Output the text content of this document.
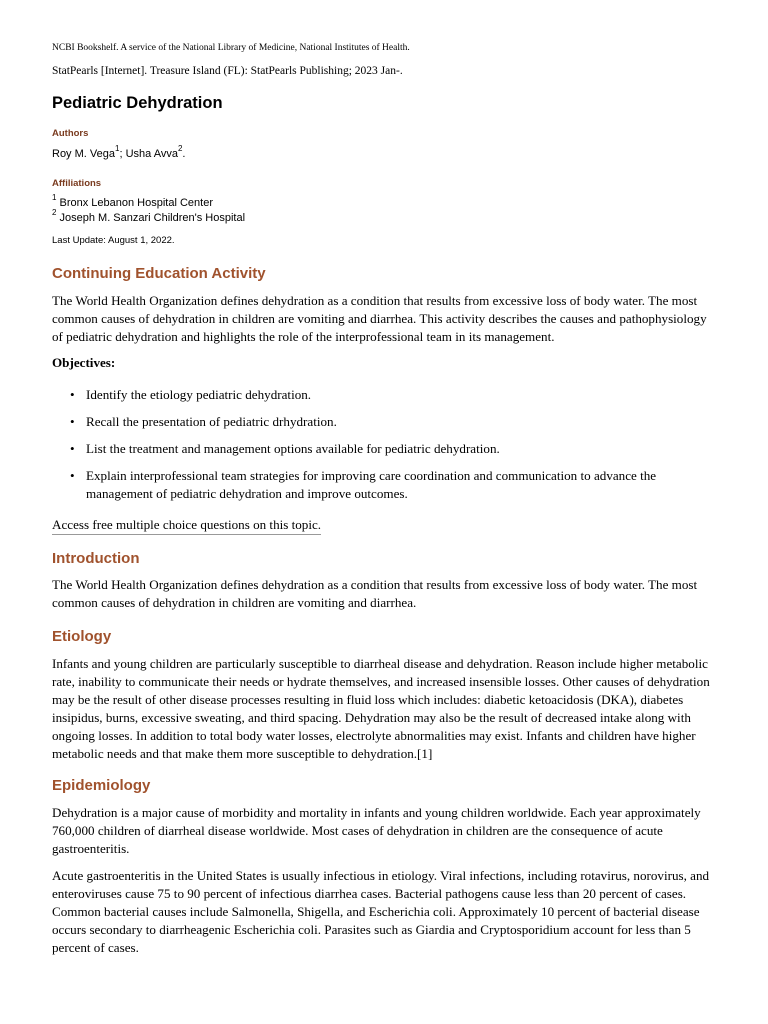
NCBI Bookshelf. A service of the National Library of Medicine, National Institutes of Health.
StatPearls [Internet]. Treasure Island (FL): StatPearls Publishing; 2023 Jan-.
Pediatric Dehydration
Authors
Roy M. Vega$^1$; Usha Avva$^2$.
Affiliations
$^1$ Bronx Lebanon Hospital Center
$^2$ Joseph M. Sanzari Children's Hospital
Last Update: August 1, 2022.
Continuing Education Activity

The World Health Organization defines dehydration as a condition that results from excessive loss of body water. The most common causes of dehydration in children are vomiting and diarrhea. This activity describes the causes and pathophysiology of pediatric dehydration and highlights the role of the interprofessional team in its management.

Objectives:
• Identify the etiology pediatric dehydration.
• Recall the presentation of pediatric drhydration.
• List the treatment and management options available for pediatric dehydration.
• Explain interprofessional team strategies for improving care coordination and communication to advance the management of pediatric dehydration and improve outcomes.
Access free multiple choice questions on this topic.
Introduction

The World Health Organization defines dehydration as a condition that results from excessive loss of body water. The most common causes of dehydration in children are vomiting and diarrhea.

Etiology

Infants and young children are particularly susceptible to diarrheal disease and dehydration. Reason include higher metabolic rate, inability to communicate their needs or hydrate themselves, and increased insensible losses. Other causes of dehydration may be the result of other disease processes resulting in fluid loss which includes: diabetic ketoacidosis (DKA), diabetes insipidus, burns, excessive sweating, and third spacing. Dehydration may also be the result of decreased intake along with ongoing losses. In addition to total body water losses, electrolyte abnormalities may exist. Infants and children have higher metabolic needs and that make them more susceptible to dehydration.[1]

Epidemiology

Dehydration is a major cause of morbidity and mortality in infants and young children worldwide. Each year approximately 760,000 children of diarrheal disease worldwide. Most cases of dehydration in children are the consequence of acute gastroenteritis.

Acute gastroenteritis in the United States is usually infectious in etiology. Viral infections, including rotavirus, norovirus, and enteroviruses cause 75 to 90 percent of infectious diarrhea cases. Bacterial pathogens cause less than 20 percent of cases. Common bacterial causes include Salmonella, Shigella, and Escherichia coli. Approximately 10 percent of bacterial disease occurs secondary to diarrheagenic Escherichia coli. Parasites such as Giardia and Cryptosporidium account for less than 5 percent of cases.
